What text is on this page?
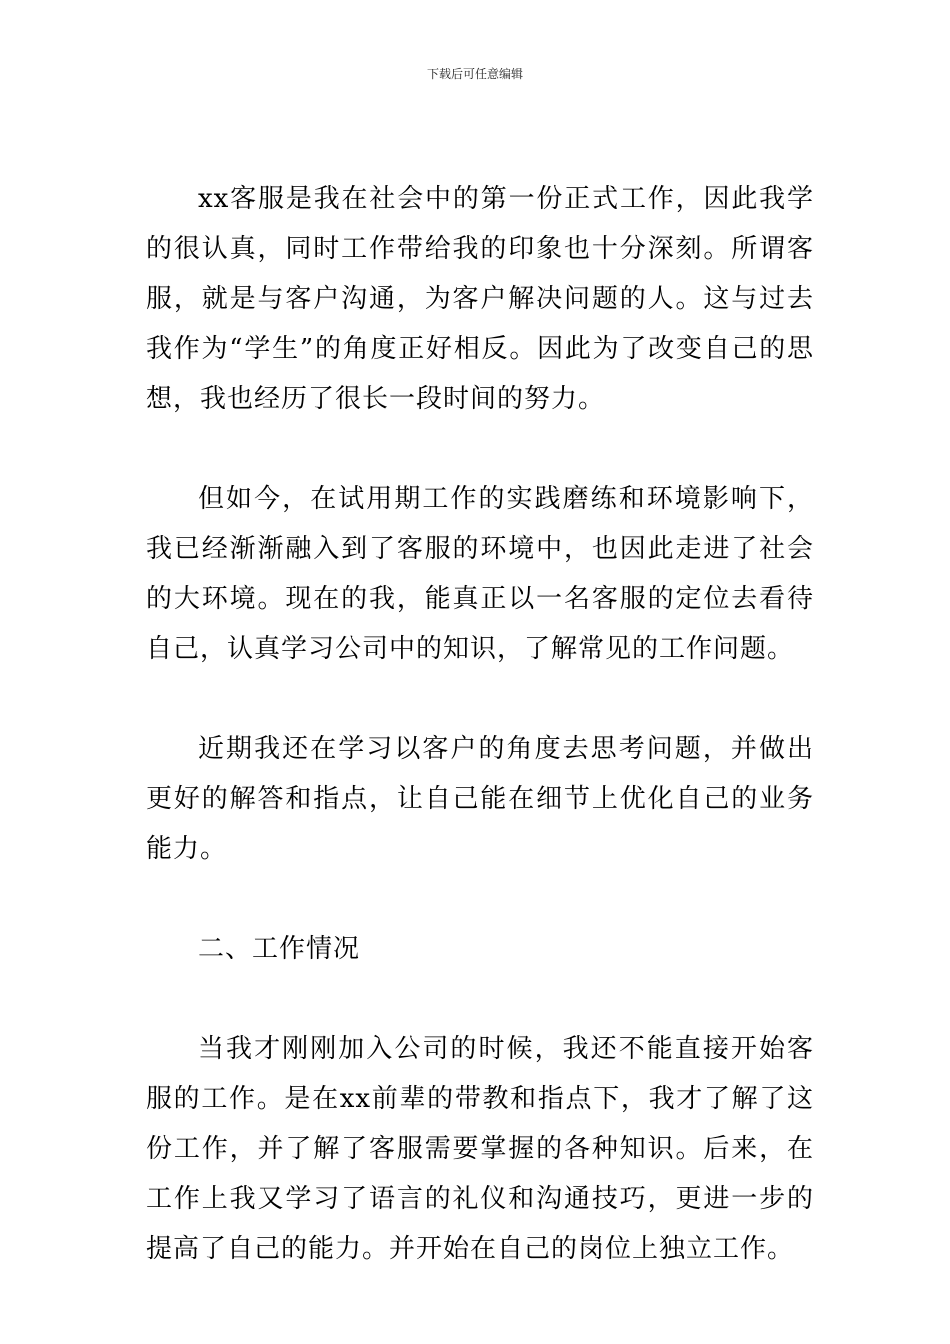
下载后可任意编辑

xx客服是我在社会中的第一份正式工作，因此我学的很认真，同时工作带给我的印象也十分深刻。所谓客服，就是与客户沟通，为客户解决问题的人。这与过去我作为“学生”的角度正好相反。因此为了改变自己的思想，我也经历了很长一段时间的努力。

但如今，在试用期工作的实践磨练和环境影响下，我已经渐渐融入到了客服的环境中，也因此走进了社会的大环境。现在的我，能真正以一名客服的定位去看待自己，认真学习公司中的知识，了解常见的工作问题。

近期我还在学习以客户的角度去思考问题，并做出更好的解答和指点，让自己能在细节上优化自己的业务能力。

二、工作情况

当我才刚刚加入公司的时候，我还不能直接开始客服的工作。是在xx前辈的带教和指点下，我才了解了这份工作，并了解了客服需要掌握的各种知识。后来，在工作上我又学习了语言的礼仪和沟通技巧，更进一步的提高了自己的能力。并开始在自己的岗位上独立工作。
